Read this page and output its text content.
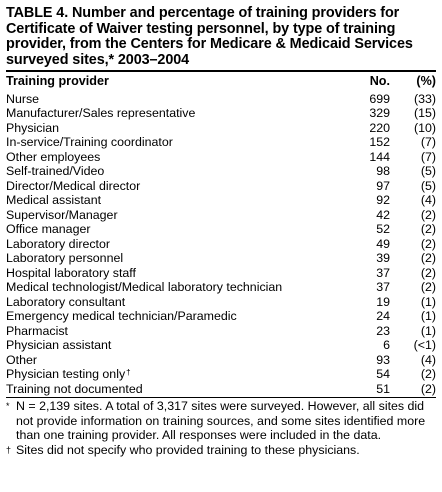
TABLE 4. Number and percentage of training providers for Certificate of Waiver testing personnel, by type of training provider, from the Centers for Medicare & Medicaid Services surveyed sites,* 2003–2004

Training provider	No.	(%)
Nurse	699	(33)
Manufacturer/Sales representative	329	(15)
Physician	220	(10)
In-service/Training coordinator	152	(7)
Other employees	144	(7)
Self-trained/Video	98	(5)
Director/Medical director	97	(5)
Medical assistant	92	(4)
Supervisor/Manager	42	(2)
Office manager	52	(2)
Laboratory director	49	(2)
Laboratory personnel	39	(2)
Hospital laboratory staff	37	(2)
Medical technologist/Medical laboratory technician	37	(2)
Laboratory consultant	19	(1)
Emergency medical technician/Paramedic	24	(1)
Pharmacist	23	(1)
Physician assistant	6	(<1)
Other	93	(4)
Physician testing only†	54	(2)
Training not documented	51	(2)
* N = 2,139 sites. A total of 3,317 sites were surveyed. However, all sites did not provide information on training sources, and some sites identified more than one training provider. All responses were included in the data.
† Sites did not specify who provided training to these physicians.
